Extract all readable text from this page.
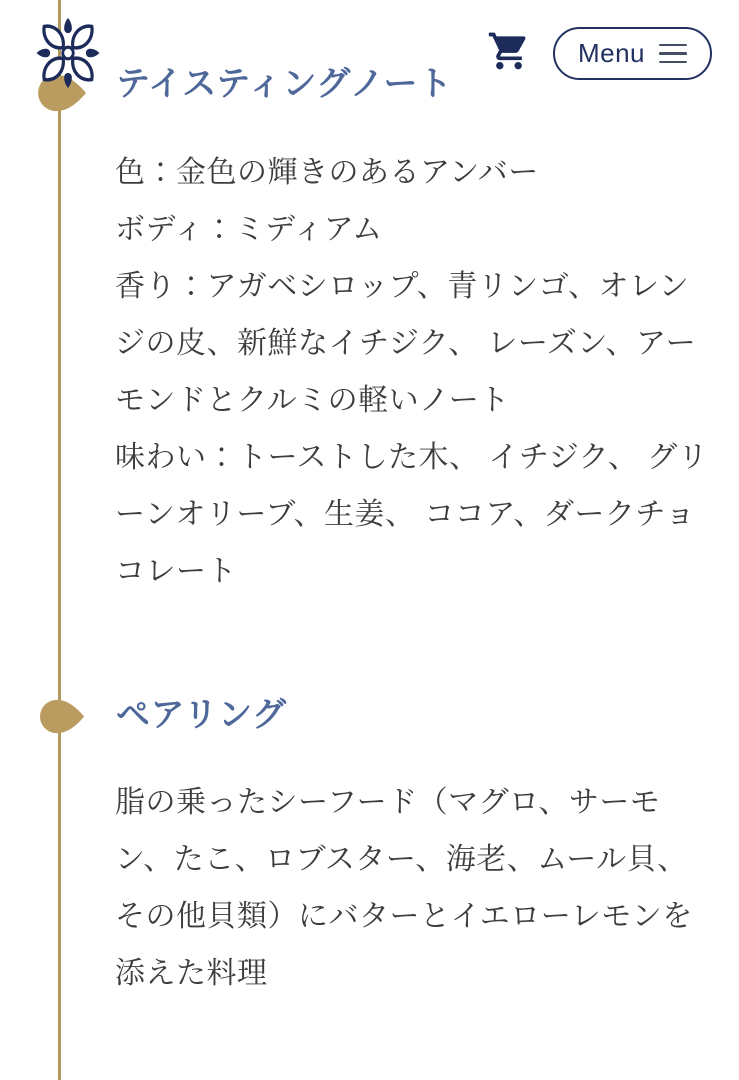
Menu
テイスティングノート
色：金色の輝きのあるアンバー
ボディ：ミディアム
香り：アガベシロップ、青リンゴ、オレン
ジの皮、新鮮なイチジク、 レーズン、アー
モンドとクルミの軽いノート
味わい：トーストした木、 イチジク、 グリ
ーンオリーブ、生姜、 ココア、ダークチョ
コレート
ペアリング
脂の乗ったシーフード（マグロ、サーモ
ン、たこ、ロブスター、海老、ムール貝、
その他貝類）にバターとイエローレモンを
添えた料理
